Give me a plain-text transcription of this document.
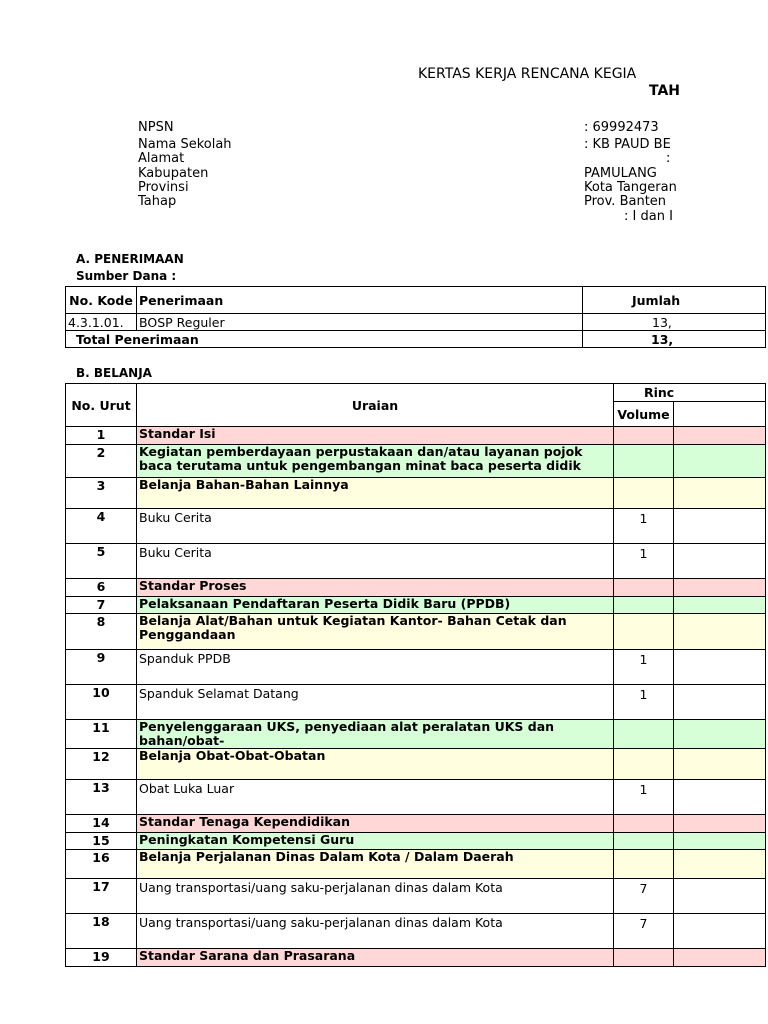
KERTAS KERJA RENCANA KEGIA
TAH
NPSN	: 69992473
Nama Sekolah	: KB PAUD BE
Alamat	:
Kabupaten	PAMULANG
Provinsi	Kota Tangeran
Tahap	Prov. Banten
: I dan I
A. PENERIMAAN
Sumber Dana :
No. Kode	Penerimaan	Jumlah
4.3.1.01.	BOSP Reguler	13,
Total Penerimaan		13,
B. BELANJA
No. Urut	Uraian	Rinc	
		Volume	
1	Standar Isi		
2	Kegiatan pemberdayaan perpustakaan dan/atau layanan pojok baca terutama untuk pengembangan minat baca peserta didik		
3	Belanja Bahan-Bahan Lainnya		
4	Buku Cerita	1	
5	Buku Cerita	1	
6	Standar Proses		
7	Pelaksanaan Pendaftaran Peserta Didik Baru (PPDB)		
8	Belanja Alat/Bahan untuk Kegiatan Kantor- Bahan Cetak dan Penggandaan		
9	Spanduk PPDB	1	
10	Spanduk Selamat Datang	1	
11	Penyelenggaraan UKS, penyediaan alat peralatan UKS dan bahan/obat-		
12	Belanja Obat-Obat-Obatan		
13	Obat Luka Luar	1	
14	Standar Tenaga Kependidikan		
15	Peningkatan Kompetensi Guru		
16	Belanja Perjalanan Dinas Dalam Kota / Dalam Daerah		
17	Uang transportasi/uang saku-perjalanan dinas dalam Kota	7	
18	Uang transportasi/uang saku-perjalanan dinas dalam Kota	7	
19	Standar Sarana dan Prasarana		
